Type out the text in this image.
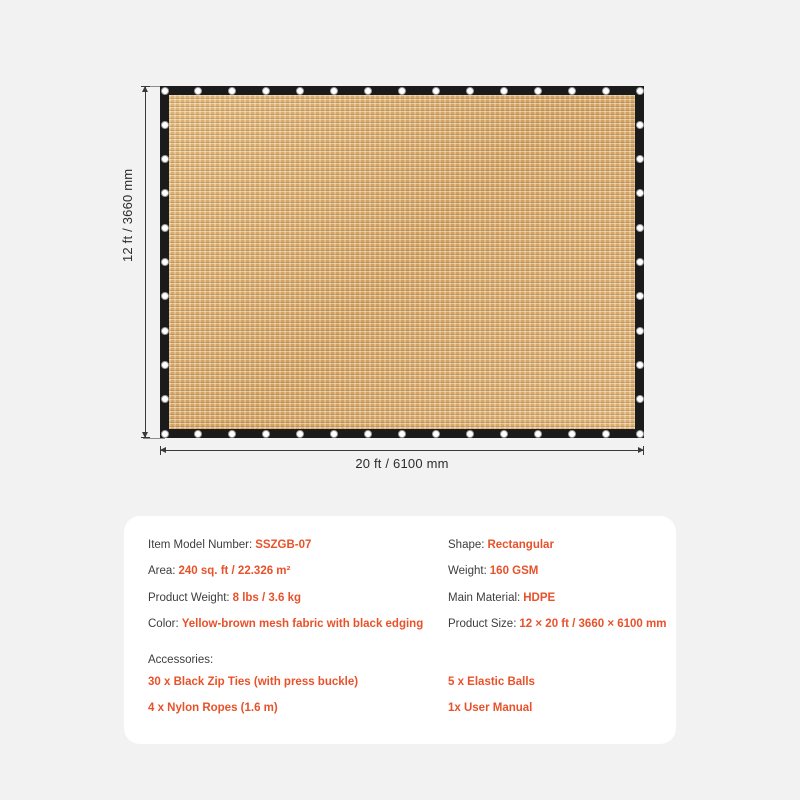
12 ft / 3660 mm
20 ft / 6100 mm
Item Model Number: SSZGB-07	Shape: Rectangular
Area: 240 sq. ft / 22.326 m²	Weight: 160 GSM
Product Weight: 8 lbs / 3.6 kg	Main Material: HDPE
Color: Yellow-brown mesh fabric with black edging	Product Size: 12 × 20 ft / 3660 × 6100 mm
Accessories:
30 x Black Zip Ties (with press buckle)	5 x Elastic Balls
4 x Nylon Ropes (1.6 m)	1x User Manual
